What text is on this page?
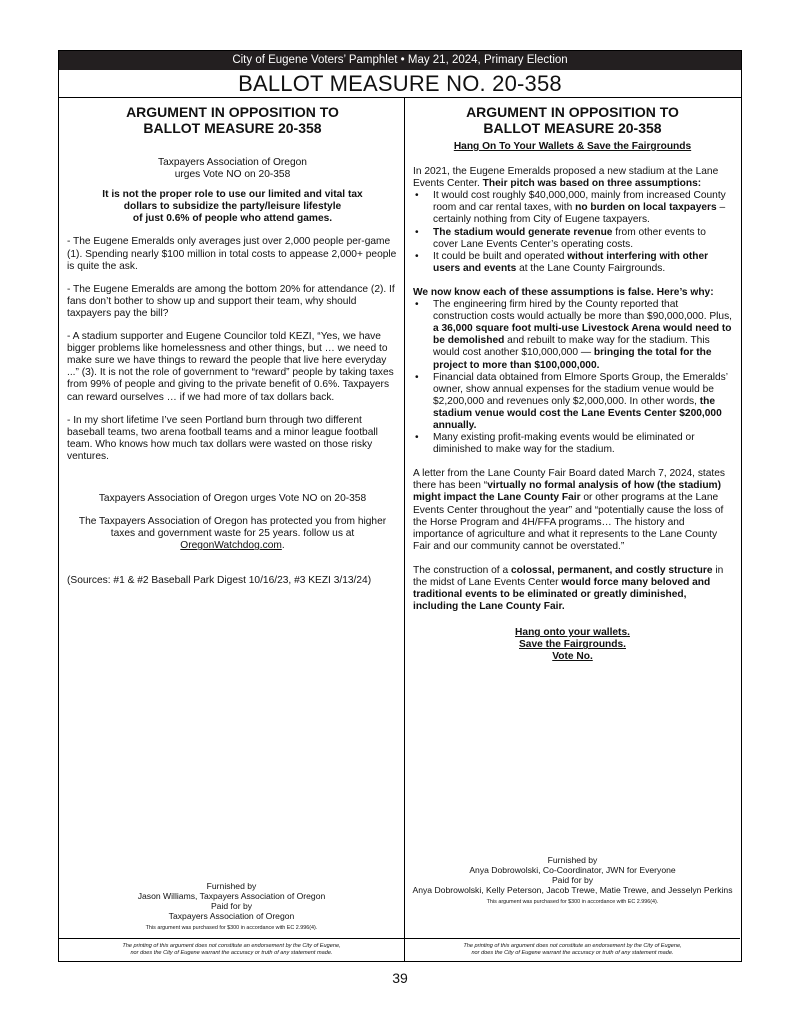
City of Eugene Voters’ Pamphlet • May 21, 2024, Primary Election
BALLOT MEASURE NO. 20-358
ARGUMENT IN OPPOSITION TO
BALLOT MEASURE 20-358

Taxpayers Association of Oregon

urges Vote NO on 20-358

It is not the proper role to use our limited and vital tax

dollars to subsidize the party/leisure lifestyle

of just 0.6% of people who attend games.

- The Eugene Emeralds only averages just over 2,000 people per-game (1). Spending nearly $100 million in total costs to appease 2,000+ people is quite the ask.

- The Eugene Emeralds are among the bottom 20% for attendance (2). If fans don’t bother to show up and support their team, why should taxpayers pay the bill?

- A stadium supporter and Eugene Councilor told KEZI, “Yes, we have bigger problems like homelessness and other things, but … we need to make sure we have things to reward the people that live here everyday ...” (3). It is not the role of government to “reward” people by taking taxes from 99% of people and giving to the private benefit of 0.6%. Taxpayers can reward ourselves … if we had more of tax dollars back.

- In my short lifetime I’ve seen Portland burn through two different baseball teams, two arena football teams and a minor league football team. Who knows how much tax dollars were wasted on those risky ventures.

Taxpayers Association of Oregon urges Vote NO on 20-358

The Taxpayers Association of Oregon has protected you from higher taxes and government waste for 25 years. follow us at OregonWatchdog.com.

(Sources: #1 & #2 Baseball Park Digest 10/16/23, #3 KEZI 3/13/24)

Furnished by
Jason Williams, Taxpayers Association of Oregon
Paid for by
Taxpayers Association of Oregon
This argument was purchased for $300 in accordance with EC 2.996(4).
The printing of this argument does not constitute an endorsement by the City of Eugene,
nor does the City of Eugene warrant the accuracy or truth of any statement made.
ARGUMENT IN OPPOSITION TO
BALLOT MEASURE 20-358

Hang On To Your Wallets & Save the Fairgrounds

In 2021, the Eugene Emeralds proposed a new stadium at the Lane Events Center. Their pitch was based on three assumptions:

• It would cost roughly $40,000,000, mainly from increased County room and car rental taxes, with no burden on local taxpayers – certainly nothing from City of Eugene taxpayers.
• The stadium would generate revenue from other events to cover Lane Events Center’s operating costs.
• It could be built and operated without interfering with other users and events at the Lane County Fairgrounds.

We now know each of these assumptions is false. Here’s why:

• The engineering firm hired by the County reported that construction costs would actually be more than $90,000,000. Plus, a 36,000 square foot multi-use Livestock Arena would need to be demolished and rebuilt to make way for the stadium. This would cost another $10,000,000 — bringing the total for the project to more than $100,000,000.
• Financial data obtained from Elmore Sports Group, the Emeralds’ owner, show annual expenses for the stadium venue would be $2,200,000 and revenues only $2,000,000. In other words, the stadium venue would cost the Lane Events Center $200,000 annually.
• Many existing profit-making events would be eliminated or diminished to make way for the stadium.

A letter from the Lane County Fair Board dated March 7, 2024, states there has been “virtually no formal analysis of how (the stadium) might impact the Lane County Fair or other programs at the Lane Events Center throughout the year” and “potentially cause the loss of the Horse Program and 4H/FFA programs… The history and importance of agriculture and what it represents to the Lane County Fair and our community cannot be overstated.”

The construction of a colossal, permanent, and costly structure in the midst of Lane Events Center would force many beloved and traditional events to be eliminated or greatly diminished, including the Lane County Fair.

Hang onto your wallets.

Save the Fairgrounds.

Vote No.

Furnished by
Anya Dobrowolski, Co-Coordinator, JWN for Everyone
Paid for by
Anya Dobrowolski, Kelly Peterson, Jacob Trewe, Matie Trewe, and Jesselyn Perkins
This argument was purchased for $300 in accordance with EC 2.996(4).
The printing of this argument does not constitute an endorsement by the City of Eugene,
nor does the City of Eugene warrant the accuracy or truth of any statement made.
39
